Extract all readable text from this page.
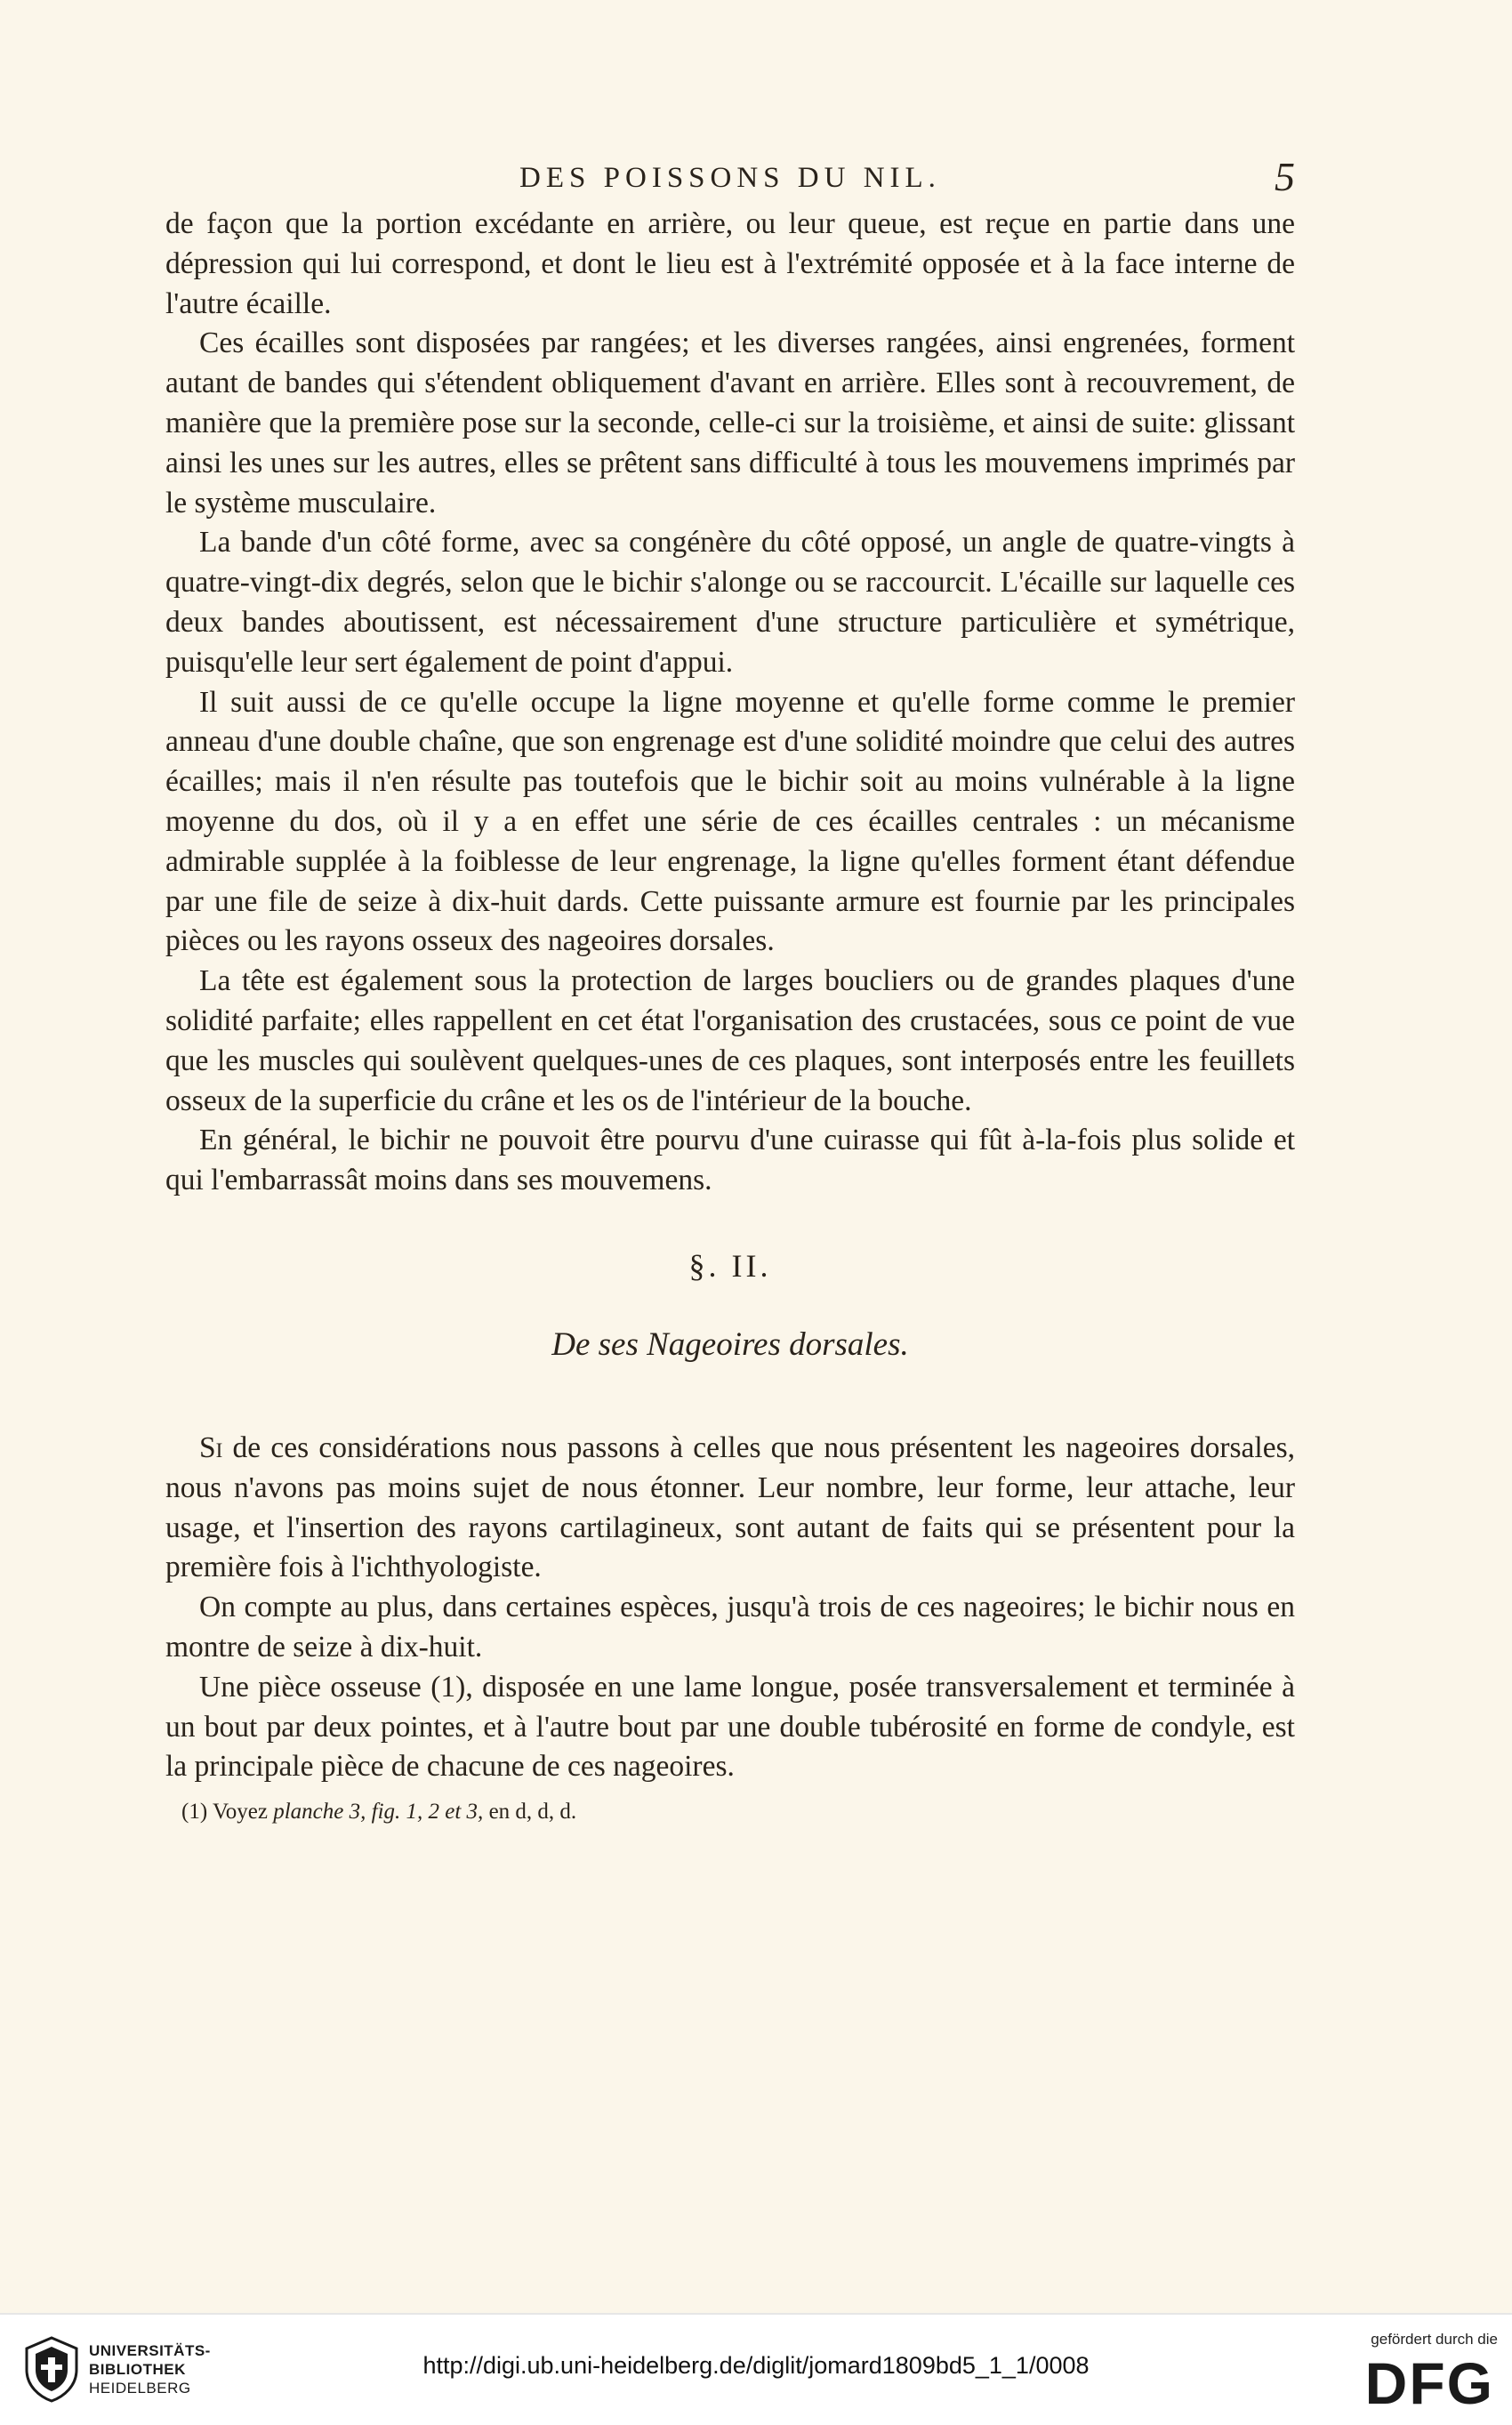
DES POISSONS DU NIL.	5

de façon que la portion excédante en arrière, ou leur queue, est reçue en partie dans une dépression qui lui correspond, et dont le lieu est à l'extrémité opposée et à la face interne de l'autre écaille.

Ces écailles sont disposées par rangées; et les diverses rangées, ainsi engrenées, forment autant de bandes qui s'étendent obliquement d'avant en arrière. Elles sont à recouvrement, de manière que la première pose sur la seconde, celle-ci sur la troisième, et ainsi de suite: glissant ainsi les unes sur les autres, elles se prêtent sans difficulté à tous les mouvemens imprimés par le système musculaire.

La bande d'un côté forme, avec sa congénère du côté opposé, un angle de quatre-vingts à quatre-vingt-dix degrés, selon que le bichir s'alonge ou se raccourcit. L'écaille sur laquelle ces deux bandes aboutissent, est nécessairement d'une structure particulière et symétrique, puisqu'elle leur sert également de point d'appui.

Il suit aussi de ce qu'elle occupe la ligne moyenne et qu'elle forme comme le premier anneau d'une double chaîne, que son engrenage est d'une solidité moindre que celui des autres écailles; mais il n'en résulte pas toutefois que le bichir soit au moins vulnérable à la ligne moyenne du dos, où il y a en effet une série de ces écailles centrales : un mécanisme admirable supplée à la foiblesse de leur engrenage, la ligne qu'elles forment étant défendue par une file de seize à dix-huit dards. Cette puissante armure est fournie par les principales pièces ou les rayons osseux des nageoires dorsales.

La tête est également sous la protection de larges boucliers ou de grandes plaques d'une solidité parfaite; elles rappellent en cet état l'organisation des crustacées, sous ce point de vue que les muscles qui soulèvent quelques-unes de ces plaques, sont interposés entre les feuillets osseux de la superficie du crâne et les os de l'intérieur de la bouche.

En général, le bichir ne pouvoit être pourvu d'une cuirasse qui fût à-la-fois plus solide et qui l'embarrassât moins dans ses mouvemens.

§. II.
De ses Nageoires dorsales.

Si de ces considérations nous passons à celles que nous présentent les nageoires dorsales, nous n'avons pas moins sujet de nous étonner. Leur nombre, leur forme, leur attache, leur usage, et l'insertion des rayons cartilagineux, sont autant de faits qui se présentent pour la première fois à l'ichthyologiste.

On compte au plus, dans certaines espèces, jusqu'à trois de ces nageoires; le bichir nous en montre de seize à dix-huit.

Une pièce osseuse (1), disposée en une lame longue, posée transversalement et terminée à un bout par deux pointes, et à l'autre bout par une double tubérosité en forme de condyle, est la principale pièce de chacune de ces nageoires.

(1) Voyez planche 3, fig. 1, 2 et 3, en d, d, d.
UNIVERSITÄTS-
BIBLIOTHEK
HEIDELBERG
http://digi.ub.uni-heidelberg.de/diglit/jomard1809bd5_1_1/0008
gefördert durch die
DFG
